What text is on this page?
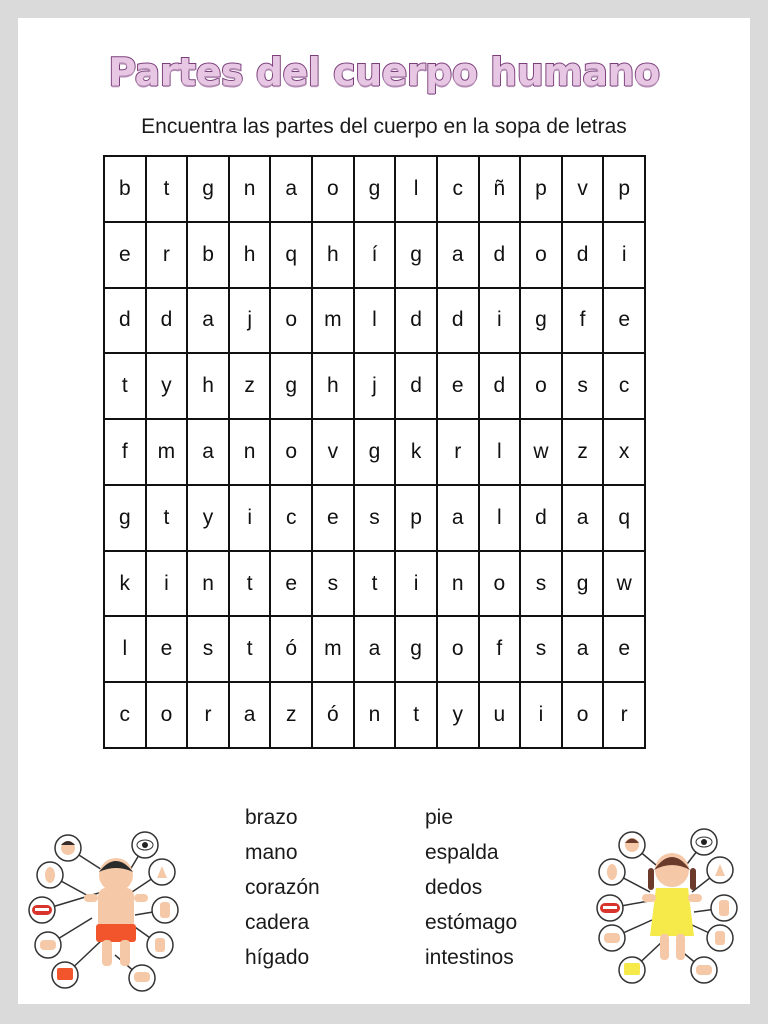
Partes del cuerpo humano
Encuentra las partes del cuerpo en la sopa de letras
b	t	g	n	a	o	g	l	c	ñ	p	v	p
e	r	b	h	q	h	í	g	a	d	o	d	i
d	d	a	j	o	m	l	d	d	i	g	f	e
t	y	h	z	g	h	j	d	e	d	o	s	c
f	m	a	n	o	v	g	k	r	l	w	z	x
g	t	y	i	c	e	s	p	a	l	d	a	q
k	i	n	t	e	s	t	i	n	o	s	g	w
l	e	s	t	ó	m	a	g	o	f	s	a	e
c	o	r	a	z	ó	n	t	y	u	i	o	r
brazo
mano
corazón
cadera
hígado
pie
espalda
dedos
estómago
intestinos
